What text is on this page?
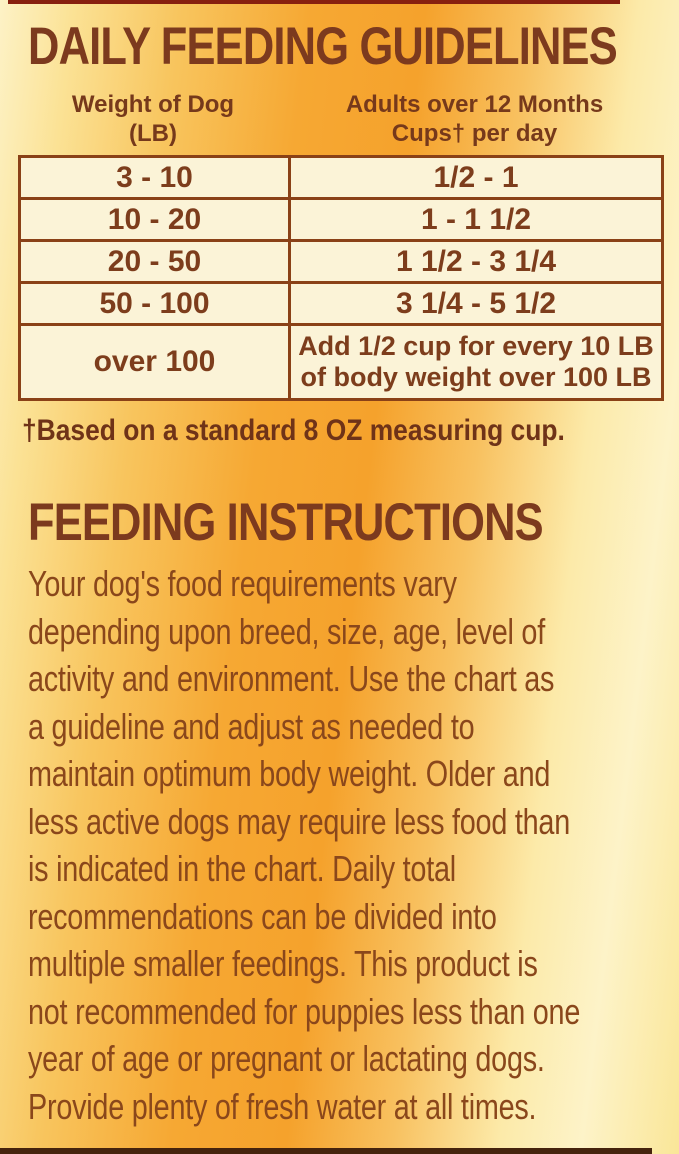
DAILY FEEDING GUIDELINES
Weight of Dog
(LB)
Adults over 12 Months
Cups† per day
3 - 10	1/2 - 1
10 - 20	1 - 1 1/2
20 - 50	1 1/2 - 3 1/4
50 - 100	3 1/4 - 5 1/2
over 100	Add 1/2 cup for every 10 LB
of body weight over 100 LB

†Based on a standard 8 OZ measuring cup.

FEEDING INSTRUCTIONS
Your dog's food requirements vary
depending upon breed, size, age, level of
activity and environment. Use the chart as
a guideline and adjust as needed to
maintain optimum body weight. Older and
less active dogs may require less food than
is indicated in the chart. Daily total
recommendations can be divided into
multiple smaller feedings. This product is
not recommended for puppies less than one
year of age or pregnant or lactating dogs.
Provide plenty of fresh water at all times.
